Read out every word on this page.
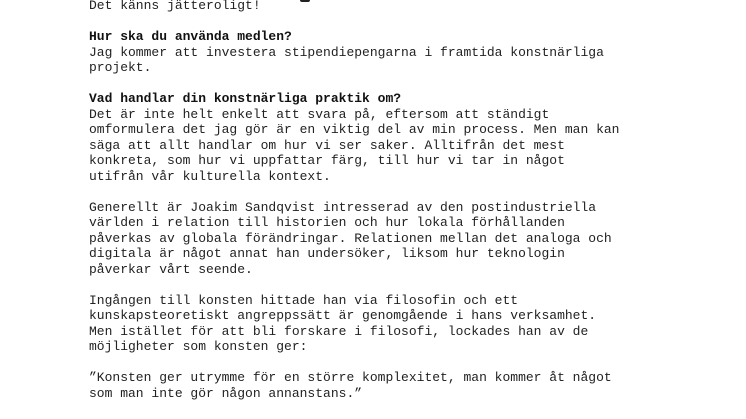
Det känns jätteroligt!

Hur ska du använda medlen?

Jag kommer att investera stipendiepengarna i framtida konstnärliga

projekt.

Vad handlar din konstnärliga praktik om?

Det är inte helt enkelt att svara på, eftersom att ständigt

omformulera det jag gör är en viktig del av min process. Men man kan

säga att allt handlar om hur vi ser saker. Alltifrån det mest

konkreta, som hur vi uppfattar färg, till hur vi tar in något

utifrån vår kulturella kontext.

Generellt är Joakim Sandqvist intresserad av den postindustriella

världen i relation till historien och hur lokala förhållanden

påverkas av globala förändringar. Relationen mellan det analoga och

digitala är något annat han undersöker, liksom hur teknologin

påverkar vårt seende.

Ingången till konsten hittade han via filosofin och ett

kunskapsteoretiskt angreppssätt är genomgående i hans verksamhet.

Men istället för att bli forskare i filosofi, lockades han av de

möjligheter som konsten ger:

”Konsten ger utrymme för en större komplexitet, man kommer åt något

som man inte gör någon annanstans.”
